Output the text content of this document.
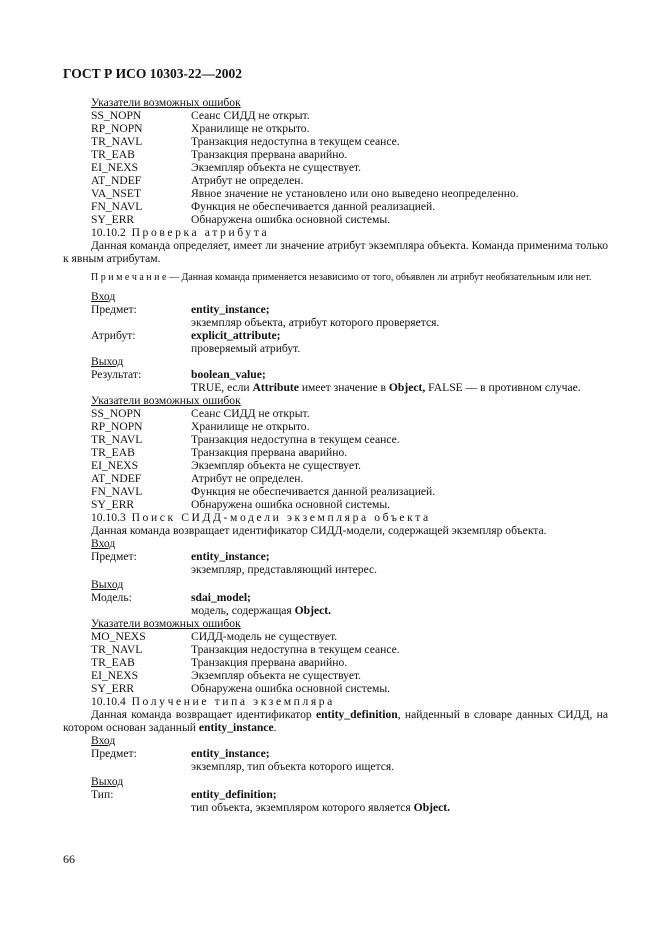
ГОСТ Р ИСО 10303-22—2002
Указатели возможных ошибок
SS_NOPN	Сеанс СИДД не открыт.
RP_NOPN	Хранилище не открыто.
TR_NAVL	Транзакция недоступна в текущем сеансе.
TR_EAB	Транзакция прервана аварийно.
EI_NEXS	Экземпляр объекта не существует.
AT_NDEF	Атрибут не определен.
VA_NSET	Явное значение не установлено или оно выведено неопределенно.
FN_NAVL	Функция не обеспечивается данной реализацией.
SY_ERR	Обнаружена ошибка основной системы.
10.10.2 Проверка атрибута
Данная команда определяет, имеет ли значение атрибут экземпляра объекта. Команда применима только к явным атрибутам.
П р и м е ч а н и е — Данная команда применяется независимо от того, объявлен ли атрибут необязательным или нет.
Вход
Предмет:	entity_instance;
экземпляр объекта, атрибут которого проверяется.
Атрибут:	explicit_attribute;
проверяемый атрибут.
Выход
Результат:	boolean_value;
TRUE, если Attribute имеет значение в Object, FALSE — в противном случае.
Указатели возможных ошибок
SS_NOPN	Сеанс СИДД не открыт.
RP_NOPN	Хранилище не открыто.
TR_NAVL	Транзакция недоступна в текущем сеансе.
TR_EAB	Транзакция прервана аварийно.
EI_NEXS	Экземпляр объекта не существует.
AT_NDEF	Атрибут не определен.
FN_NAVL	Функция не обеспечивается данной реализацией.
SY_ERR	Обнаружена ошибка основной системы.
10.10.3 Поиск СИДД-модели экземпляра объекта
Данная команда возвращает идентификатор СИДД-модели, содержащей экземпляр объекта.
Вход
Предмет:	entity_instance;
экземпляр, представляющий интерес.
Выход
Модель:	sdai_model;
модель, содержащая Object.
Указатели возможных ошибок
MO_NEXS	СИДД-модель не существует.
TR_NAVL	Транзакция недоступна в текущем сеансе.
TR_EAB	Транзакция прервана аварийно.
EI_NEXS	Экземпляр объекта не существует.
SY_ERR	Обнаружена ошибка основной системы.
10.10.4 Получение типа экземпляра
Данная команда возвращает идентификатор entity_definition, найденный в словаре данных СИДД, на котором основан заданный entity_instance.
Вход
Предмет:	entity_instance;
экземпляр, тип объекта которого ищется.
Выход
Тип:	entity_definition;
тип объекта, экземпляром которого является Object.
66
